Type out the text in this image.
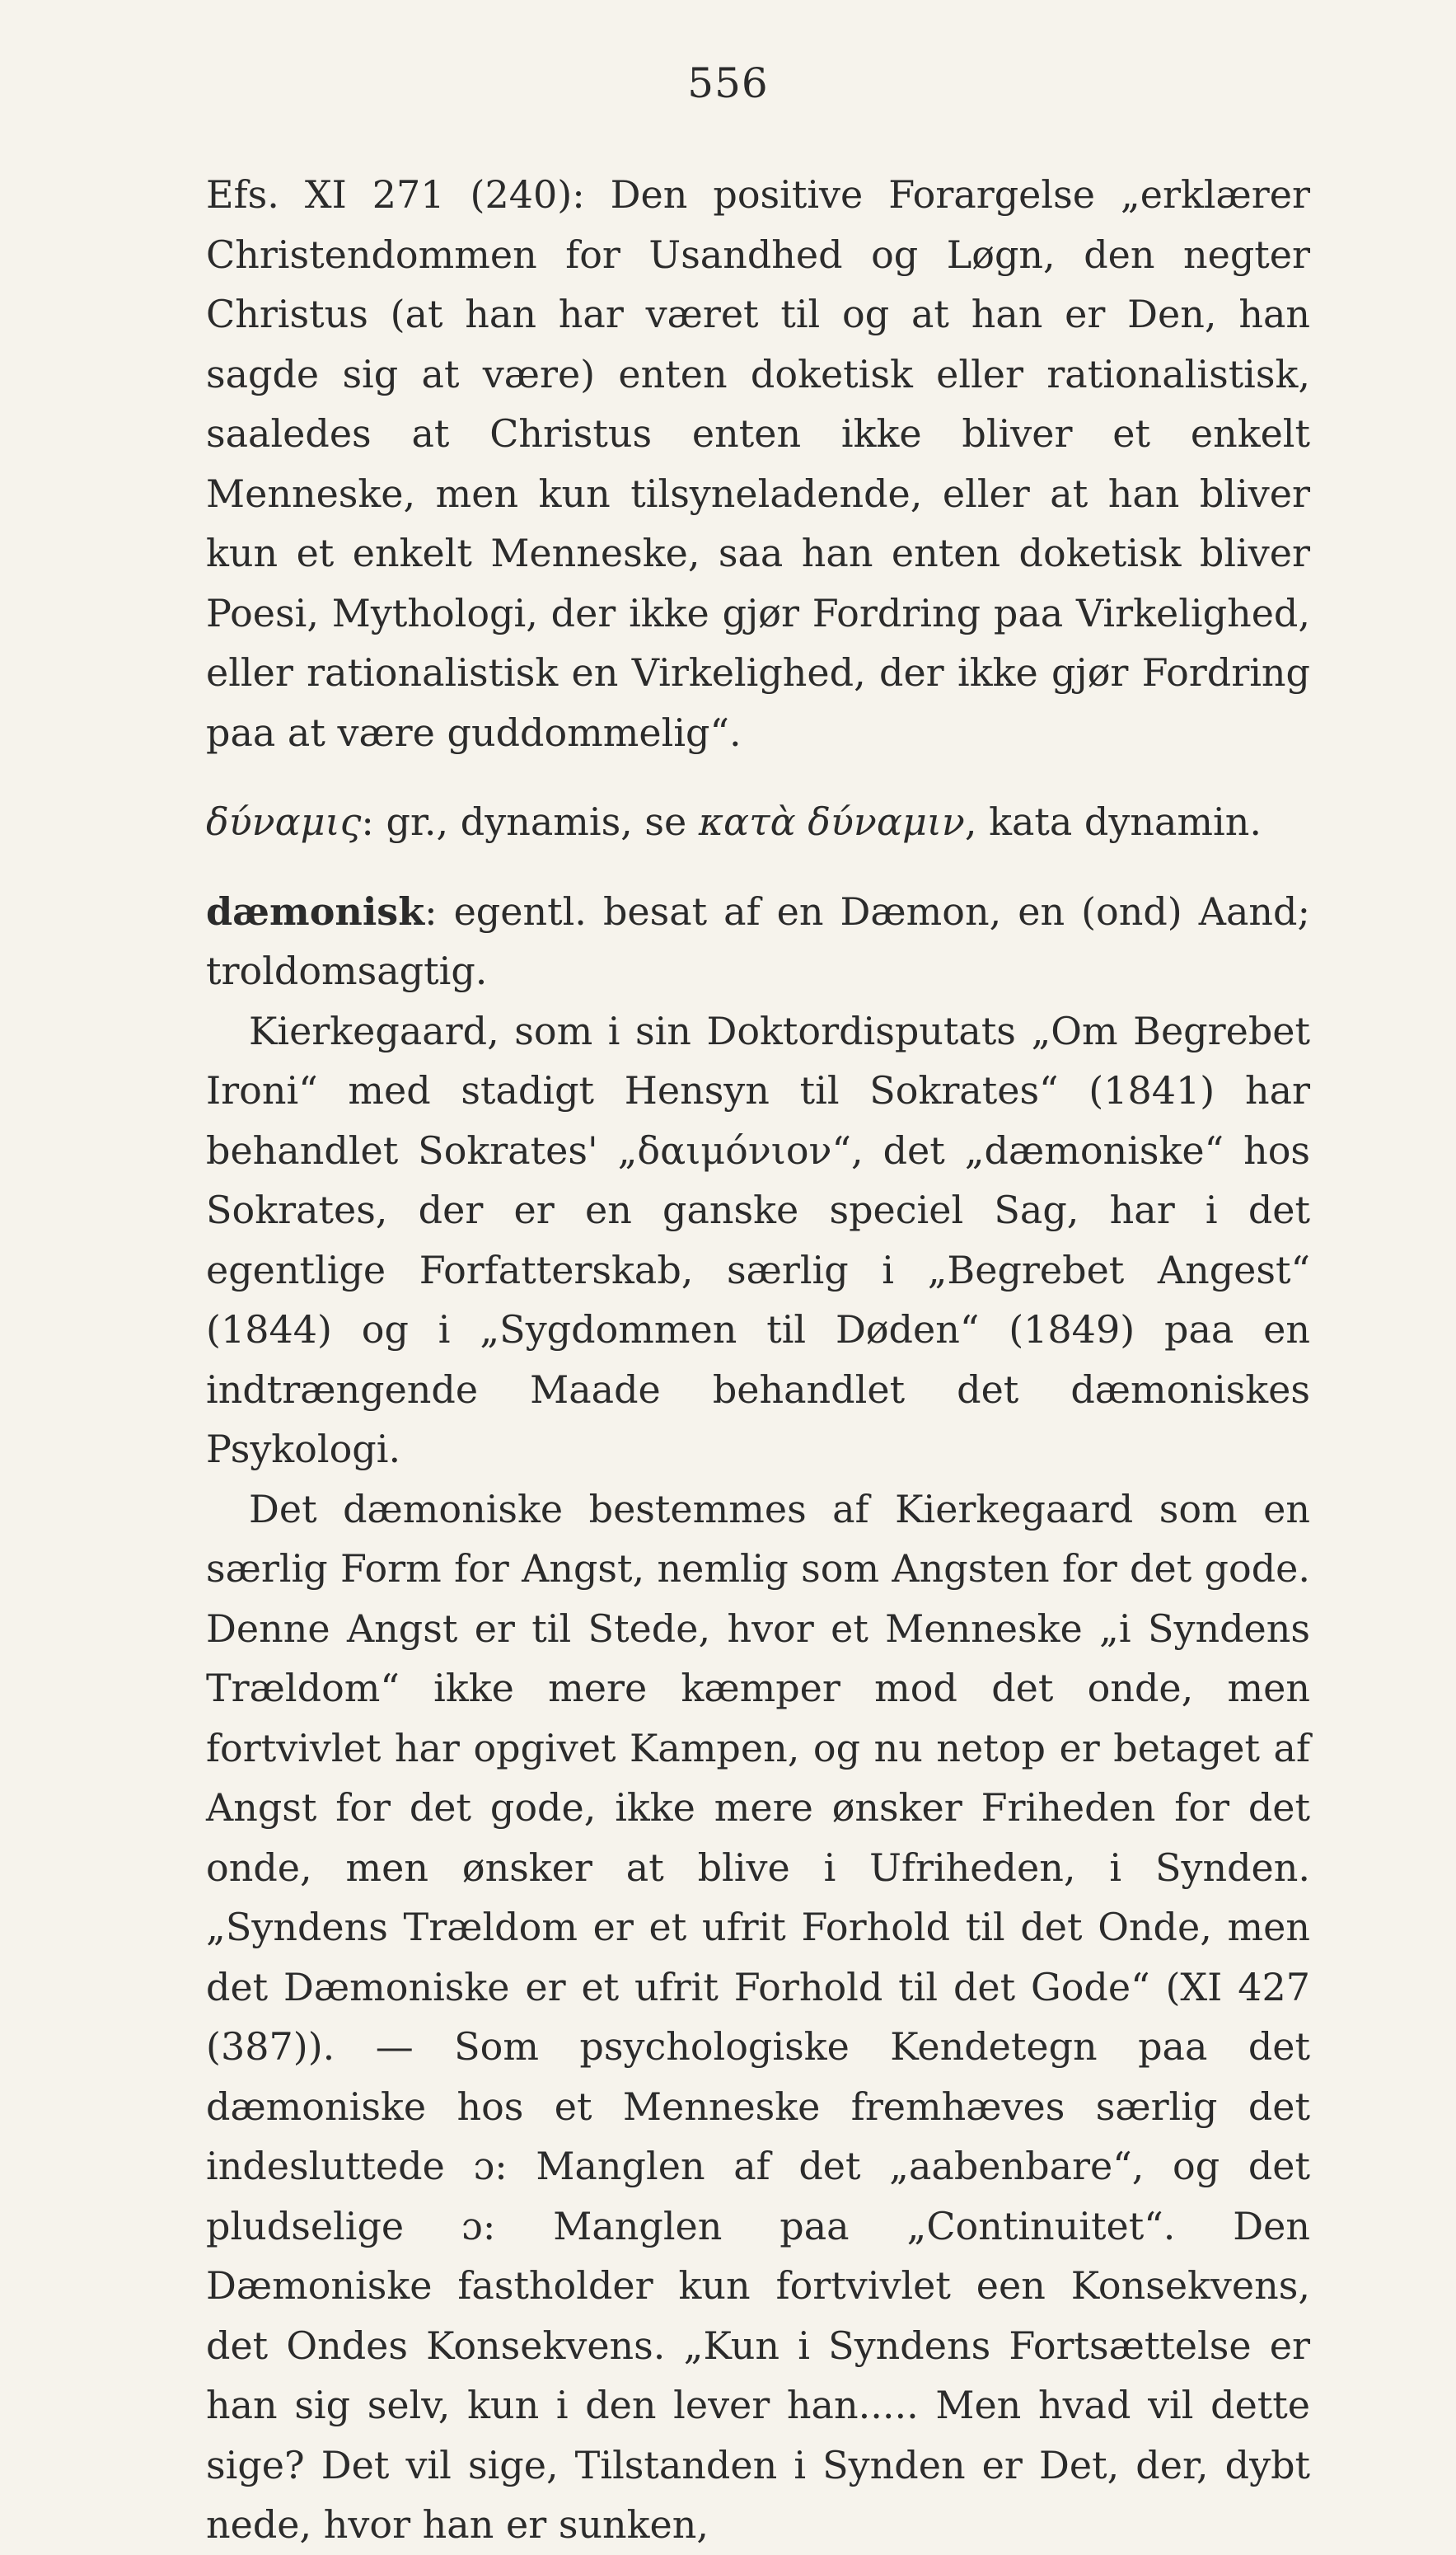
556

Efs. XI 271 (240): Den positive Forargelse „erklærer Christendommen for Usandhed og Løgn, den negter Christus (at han har været til og at han er Den, han sagde sig at være) enten doketisk eller rationalistisk, saaledes at Christus enten ikke bliver et enkelt Menneske, men kun tilsyneladende, eller at han bliver kun et enkelt Menneske, saa han enten doketisk bliver Poesi, Mythologi, der ikke gjør Fordring paa Virkelighed, eller rationalistisk en Virkelighed, der ikke gjør Fordring paa at være guddommelig“.

δύναμις: gr., dynamis, se κατὰ δύναμιν, kata dynamin.

dæmonisk: egentl. besat af en Dæmon, en (ond) Aand; troldomsagtig.

Kierkegaard, som i sin Doktordisputats „Om Begrebet Ironi“ med stadigt Hensyn til Sokrates“ (1841) har behandlet Sokrates' „δαιμόνιον“, det „dæmoniske“ hos Sokrates, der er en ganske speciel Sag, har i det egentlige Forfatterskab, særlig i „Begrebet Angest“ (1844) og i „Sygdommen til Døden“ (1849) paa en indtrængende Maade behandlet det dæmoniskes Psykologi.

Det dæmoniske bestemmes af Kierkegaard som en særlig Form for Angst, nemlig som Angsten for det gode. Denne Angst er til Stede, hvor et Menneske „i Syndens Trældom“ ikke mere kæmper mod det onde, men fortvivlet har opgivet Kampen, og nu netop er betaget af Angst for det gode, ikke mere ønsker Friheden for det onde, men ønsker at blive i Ufriheden, i Synden. „Syndens Trældom er et ufrit Forhold til det Onde, men det Dæmoniske er et ufrit Forhold til det Gode“ (XI 427 (387)). — Som psychologiske Kendetegn paa det dæmoniske hos et Menneske fremhæves særlig det indesluttede ɔ: Manglen af det „aabenbare“, og det pludselige ɔ: Manglen paa „Continuitet“. Den Dæmoniske fastholder kun fortvivlet een Konsekvens, det Ondes Konsekvens. „Kun i Syndens Fortsættelse er han sig selv, kun i den lever han..... Men hvad vil dette sige? Det vil sige, Tilstanden i Synden er Det, der, dybt nede, hvor han er sunken,
